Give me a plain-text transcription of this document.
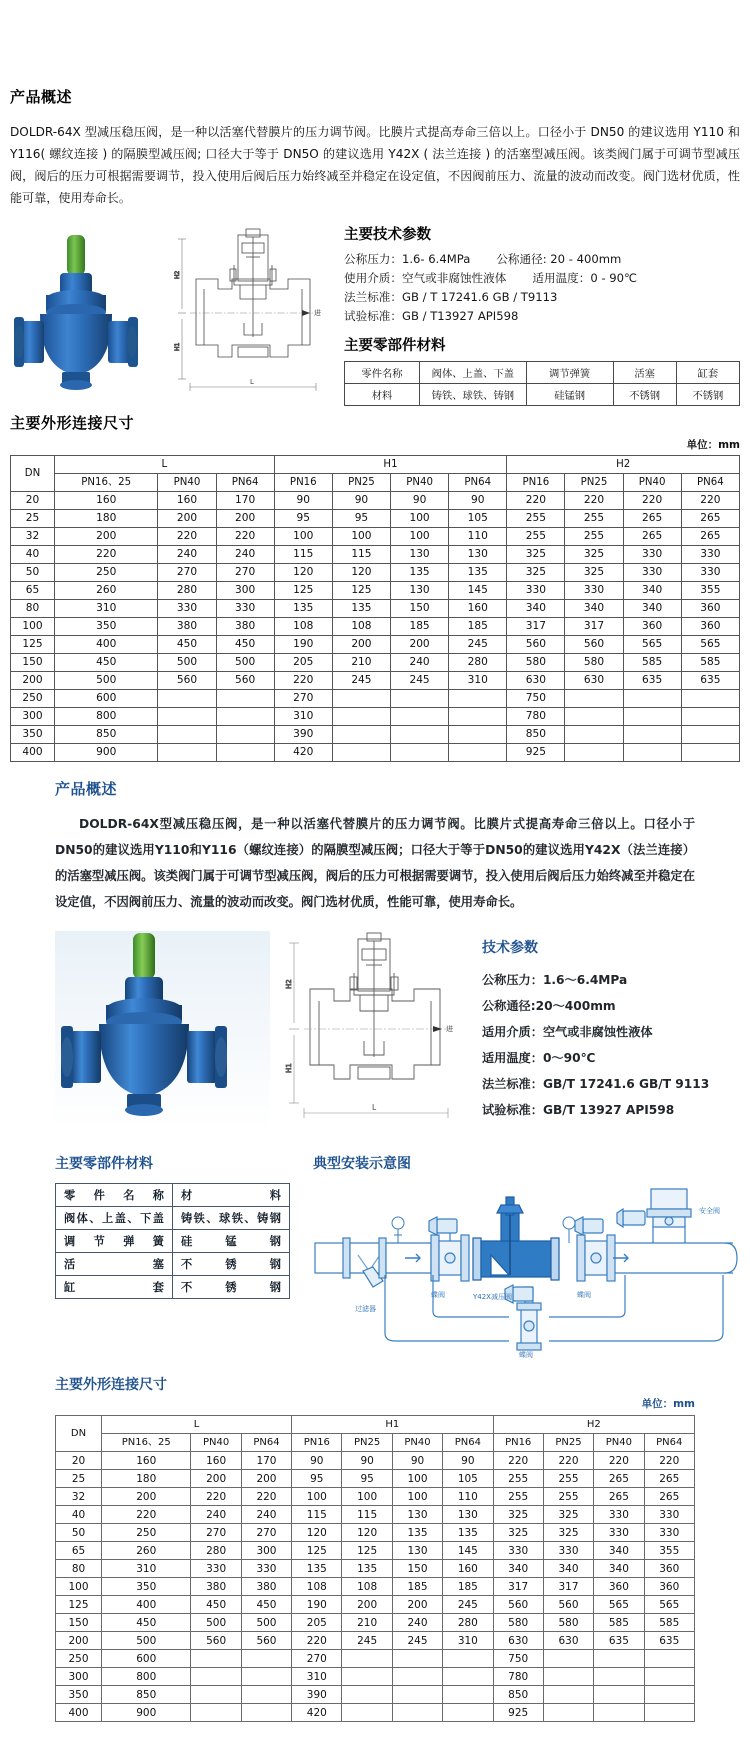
产品概述

DOLDR-64X 型减压稳压阀，是一种以活塞代替膜片的压力调节阀。比膜片式提高寿命三倍以上。口径小于 DN50 的建议选用 Y110 和 Y116( 螺纹连接 ) 的隔膜型减压阀; 口径大于等于 DN5O 的建议选用 Y42X ( 法兰连接 ) 的活塞型减压阀。该类阀门属于可调节型减压阀，阀后的压力可根据需要调节，投入使用后阀后压力始终减至并稳定在设定值，不因阀前压力、流量的波动而改变。阀门选材优质，性能可靠，使用寿命长。

H2
H1
进
L
主要技术参数
公称压力：1.6- 6.4MPa 公称通径: 20 - 400mm
使用介质：空气或非腐蚀性液体 适用温度：0 - 90℃
法兰标准：GB / T 17241.6 GB / T9113
试验标准：GB / T13927 API598
主要零部件材料
零件名称	阀体、上盖、下盖	调节弹簧	活塞	缸套
材料	铸铁、球铁、铸钢	硅锰钢	不锈钢	不锈钢
主要外形连接尺寸
单位：mm
DN	L			H1				H2			
	PN16、25	PN40	PN64	PN16	PN25	PN40	PN64	PN16	PN25	PN40	PN64
20	160	160	170	90	90	90	90	220	220	220	220
25	180	200	200	95	95	100	105	255	255	265	265
32	200	220	220	100	100	100	110	255	255	265	265
40	220	240	240	115	115	130	130	325	325	330	330
50	250	270	270	120	120	135	135	325	325	330	330
65	260	280	300	125	125	130	145	330	330	340	355
80	310	330	330	135	135	150	160	340	340	340	360
100	350	380	380	108	108	185	185	317	317	360	360
125	400	450	450	190	200	200	245	560	560	565	565
150	450	500	500	205	210	240	280	580	580	585	585
200	500	560	560	220	245	245	310	630	630	635	635
250	600			270				750			
300	800			310				780			
350	850			390				850			
400	900			420				925			
产品概述

DOLDR-64X型减压稳压阀，是一种以活塞代替膜片的压力调节阀。比膜片式提高寿命三倍以上。口径小于DN50的建议选用Y110和Y116（螺纹连接）的隔膜型减压阀；口径大于等于DN50的建议选用Y42X（法兰连接）的活塞型减压阀。该类阀门属于可调节型减压阀，阀后的压力可根据需要调节，投入使用后阀后压力始终减至并稳定在设定值，不因阀前压力、流量的波动而改变。阀门选材优质，性能可靠，使用寿命长。

H2
H1
进
L
技术参数
公称压力：1.6～6.4MPa
公称通径:20～400mm
适用介质：空气或非腐蚀性液体
适用温度：0～90℃
法兰标准：GB/T 17241.6 GB/T 9113
试验标准：GB/T 13927 API598
主要零部件材料
零件名称	材料
阀体、上盖、下盖	铸铁、球铁、铸钢
调节弹簧	硅锰钢
活塞	不锈钢
缸套	不锈钢
典型安装示意图
过滤器
蝶阀	Y42X减压阀	蝶阀
蝶阀
安全阀
主要外形连接尺寸
单位：mm
DN	L			H1				H2			
	PN16、25	PN40	PN64	PN16	PN25	PN40	PN64	PN16	PN25	PN40	PN64
20	160	160	170	90	90	90	90	220	220	220	220
25	180	200	200	95	95	100	105	255	255	265	265
32	200	220	220	100	100	100	110	255	255	265	265
40	220	240	240	115	115	130	130	325	325	330	330
50	250	270	270	120	120	135	135	325	325	330	330
65	260	280	300	125	125	130	145	330	330	340	355
80	310	330	330	135	135	150	160	340	340	340	360
100	350	380	380	108	108	185	185	317	317	360	360
125	400	450	450	190	200	200	245	560	560	565	565
150	450	500	500	205	210	240	280	580	580	585	585
200	500	560	560	220	245	245	310	630	630	635	635
250	600			270				750			
300	800			310				780			
350	850			390				850			
400	900			420				925			
